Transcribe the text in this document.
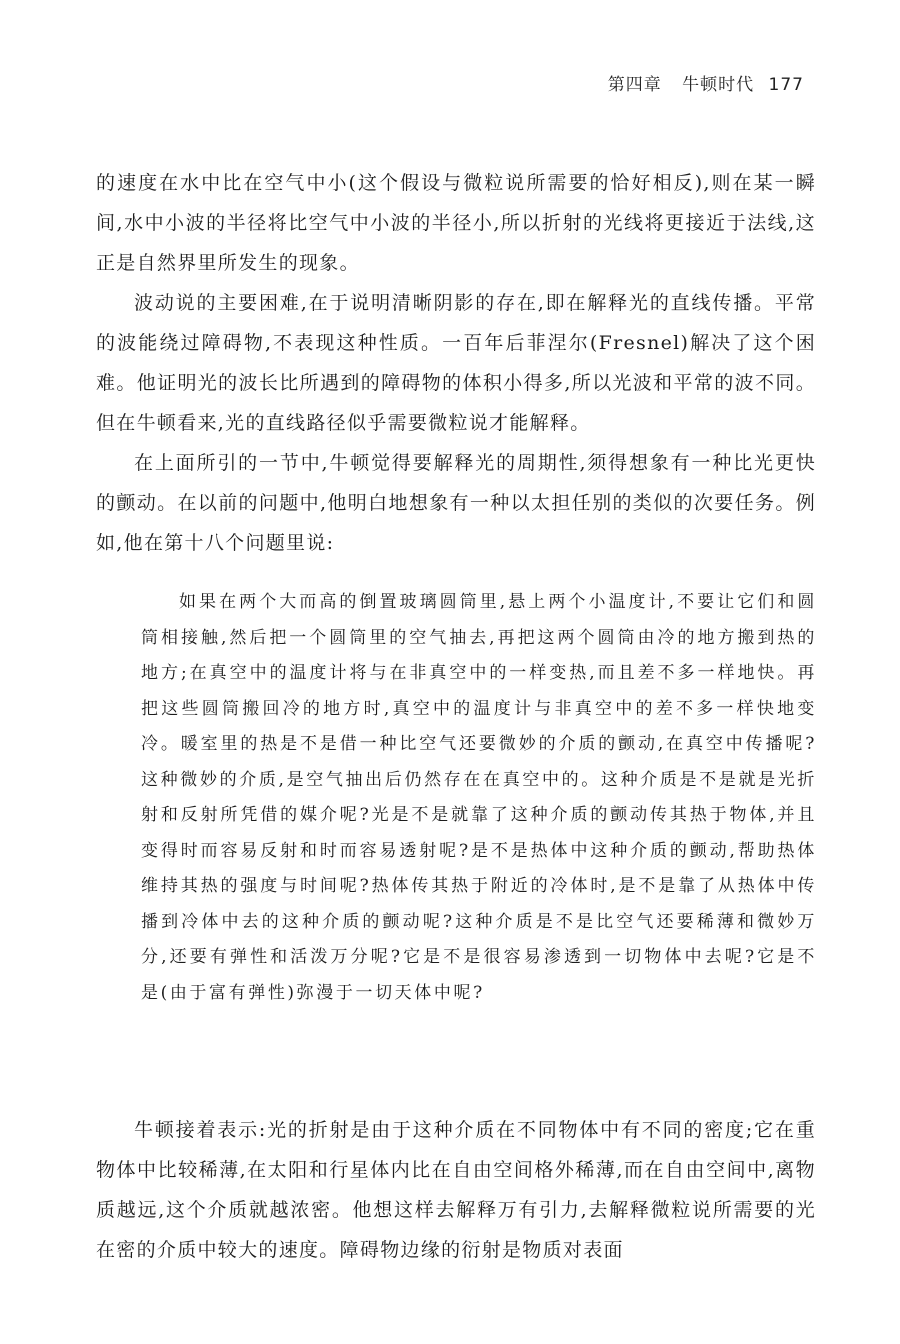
第四章 牛顿时代 177

的速度在水中比在空气中小(这个假设与微粒说所需要的恰好相反),则在某一瞬间,水中小波的半径将比空气中小波的半径小,所以折射的光线将更接近于法线,这正是自然界里所发生的现象。

波动说的主要困难,在于说明清晰阴影的存在,即在解释光的直线传播。平常的波能绕过障碍物,不表现这种性质。一百年后菲涅尔(Fresnel)解决了这个困难。他证明光的波长比所遇到的障碍物的体积小得多,所以光波和平常的波不同。但在牛顿看来,光的直线路径似乎需要微粒说才能解释。

在上面所引的一节中,牛顿觉得要解释光的周期性,须得想象有一种比光更快的颤动。在以前的问题中,他明白地想象有一种以太担任别的类似的次要任务。例如,他在第十八个问题里说:

如果在两个大而高的倒置玻璃圆筒里,悬上两个小温度计,不要让它们和圆筒相接触,然后把一个圆筒里的空气抽去,再把这两个圆筒由冷的地方搬到热的地方;在真空中的温度计将与在非真空中的一样变热,而且差不多一样地快。再把这些圆筒搬回冷的地方时,真空中的温度计与非真空中的差不多一样快地变冷。暖室里的热是不是借一种比空气还要微妙的介质的颤动,在真空中传播呢?这种微妙的介质,是空气抽出后仍然存在在真空中的。这种介质是不是就是光折射和反射所凭借的媒介呢?光是不是就靠了这种介质的颤动传其热于物体,并且变得时而容易反射和时而容易透射呢?是不是热体中这种介质的颤动,帮助热体维持其热的强度与时间呢?热体传其热于附近的冷体时,是不是靠了从热体中传播到冷体中去的这种介质的颤动呢?这种介质是不是比空气还要稀薄和微妙万分,还要有弹性和活泼万分呢?它是不是很容易渗透到一切物体中去呢?它是不是(由于富有弹性)弥漫于一切天体中呢?

牛顿接着表示:光的折射是由于这种介质在不同物体中有不同的密度;它在重物体中比较稀薄,在太阳和行星体内比在自由空间格外稀薄,而在自由空间中,离物质越远,这个介质就越浓密。他想这样去解释万有引力,去解释微粒说所需要的光在密的介质中较大的速度。障碍物边缘的衍射是物质对表面
